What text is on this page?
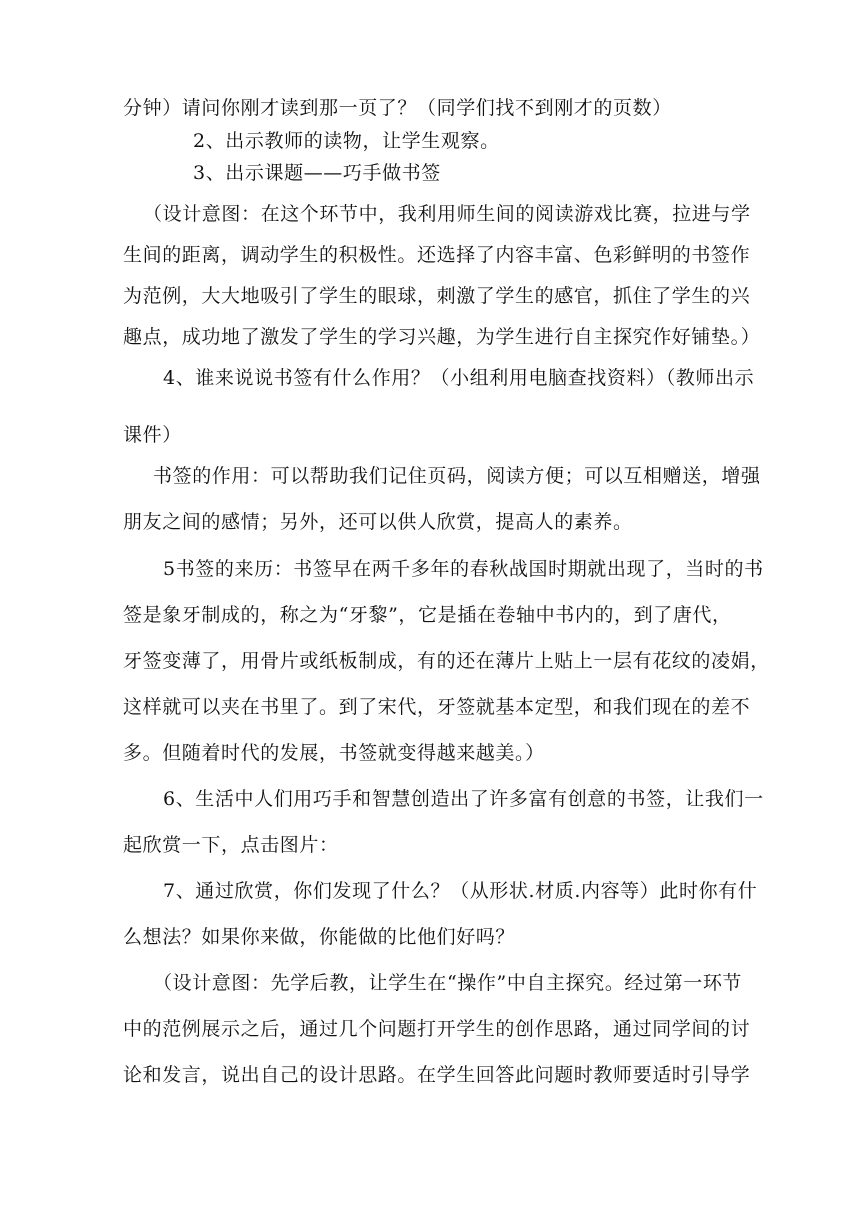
分钟）请问你刚才读到那一页了？（同学们找不到刚才的页数）
2、出示教师的读物，让学生观察。
3、出示课题——巧手做书签
（设计意图：在这个环节中，我利用师生间的阅读游戏比赛，拉进与学
生间的距离，调动学生的积极性。还选择了内容丰富、色彩鲜明的书签作
为范例，大大地吸引了学生的眼球，刺激了学生的感官，抓住了学生的兴
趣点，成功地了激发了学生的学习兴趣，为学生进行自主探究作好铺垫。）
4、谁来说说书签有什么作用？（小组利用电脑查找资料）（教师出示
课件）
书签的作用：可以帮助我们记住页码，阅读方便；可以互相赠送，增强
朋友之间的感情；另外，还可以供人欣赏，提高人的素养。
5书签的来历：书签早在两千多年的春秋战国时期就出现了，当时的书
签是象牙制成的，称之为“牙黎”，它是插在卷轴中书内的，到了唐代，
牙签变薄了，用骨片或纸板制成，有的还在薄片上贴上一层有花纹的凌娟，
这样就可以夹在书里了。到了宋代，牙签就基本定型，和我们现在的差不
多。但随着时代的发展，书签就变得越来越美。）
6、生活中人们用巧手和智慧创造出了许多富有创意的书签，让我们一
起欣赏一下，点击图片：
7、通过欣赏，你们发现了什么？（从形状.材质.内容等）此时你有什
么想法？如果你来做，你能做的比他们好吗？
（设计意图：先学后教，让学生在“操作”中自主探究。经过第一环节
中的范例展示之后，通过几个问题打开学生的创作思路，通过同学间的讨
论和发言，说出自己的设计思路。在学生回答此问题时教师要适时引导学
